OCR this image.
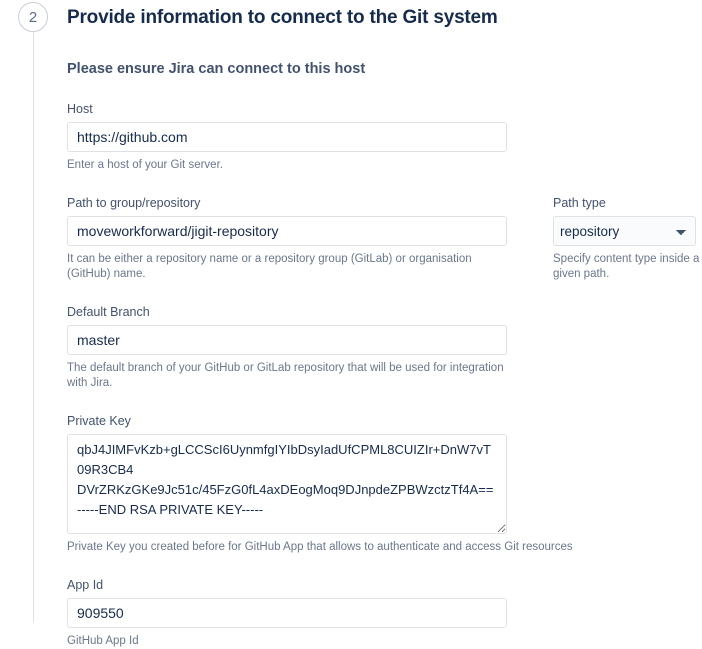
2	Provide information to connect to the Git system
Please ensure Jira can connect to this host
Host
https://github.com
Enter a host of your Git server.
Path to group/repository
moveworkforward/jigit-repository
It can be either a repository name or a repository group (GitLab) or organisation (GitHub) name.
Path type
repository
Specify content type inside a given path.
Default Branch
master
The default branch of your GitHub or GitLab repository that will be used for integration with Jira.
Private Key
qbJ4JIMFvKzb+gLCCScI6UynmfgIYIbDsyIadUfCPML8CUIZIr+DnW7vT09R3CB4 DVrZRKzGKe9Jc51c/45FzG0fL4axDEogMoq9DJnpdeZPBWzctzTf4A== -----END RSA PRIVATE KEY-----
Private Key you created before for GitHub App that allows to authenticate and access Git resources
App Id
909550
GitHub App Id
